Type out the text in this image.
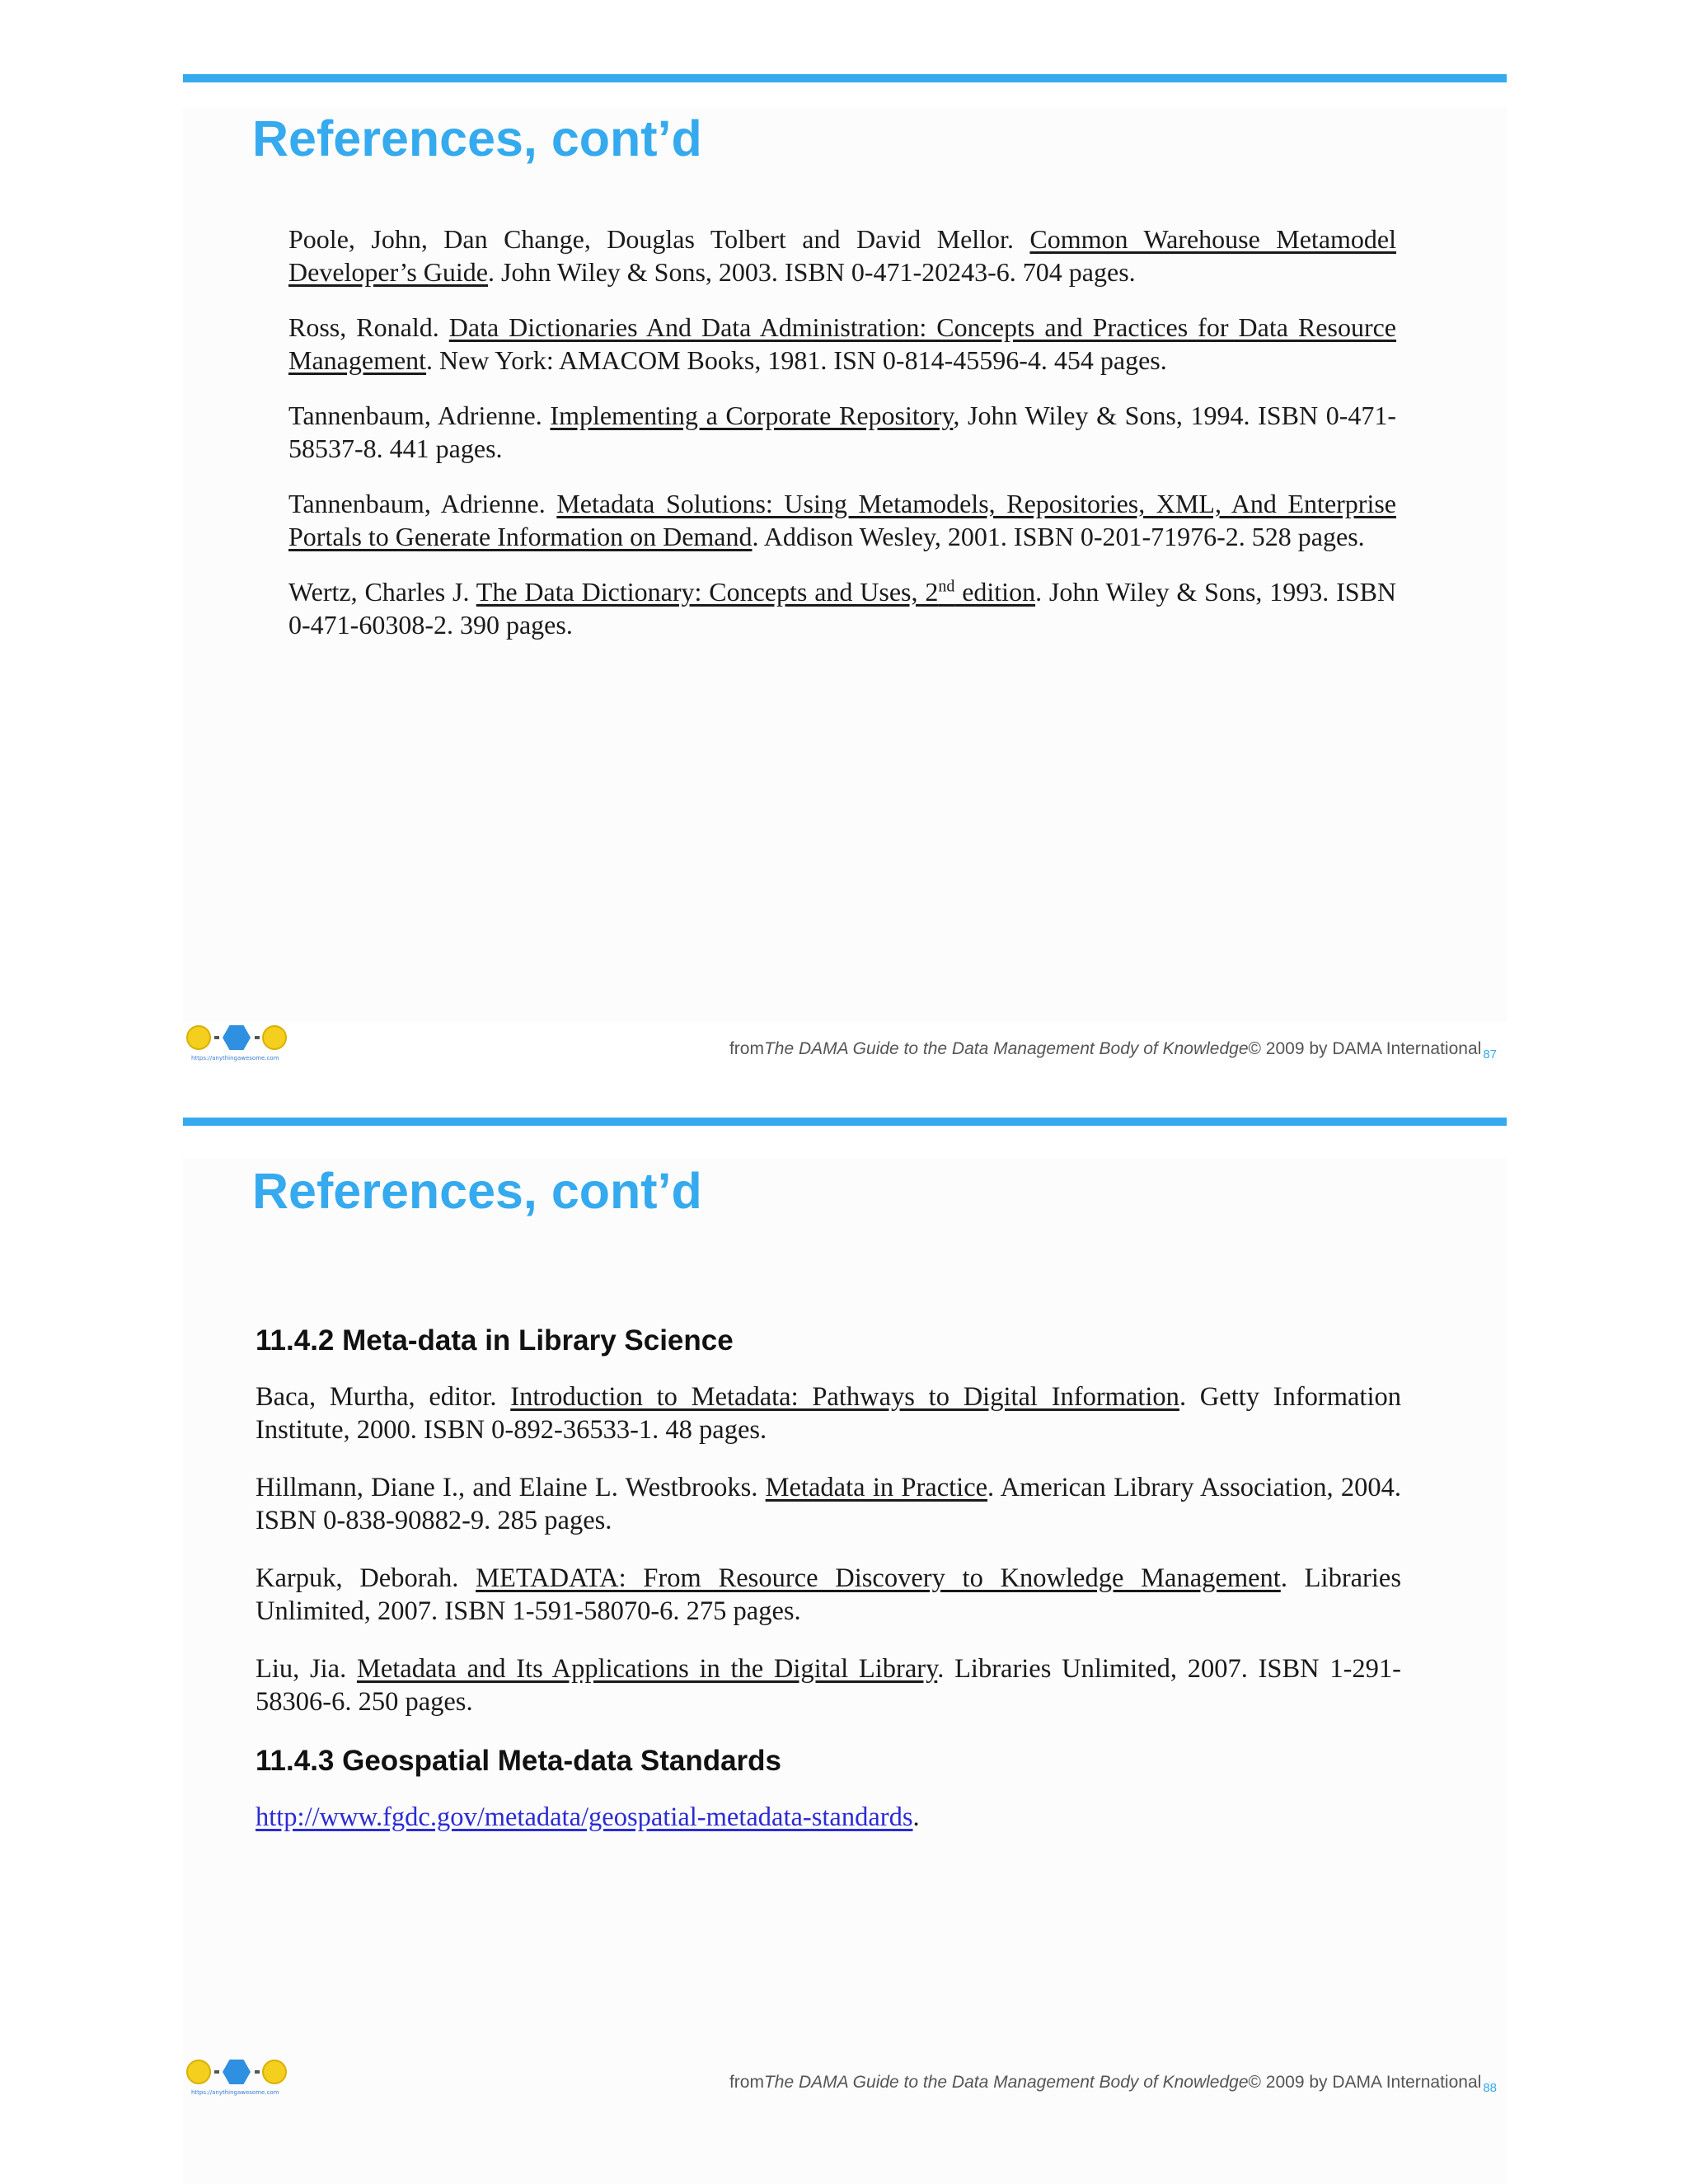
References, cont’d

Poole, John, Dan Change, Douglas Tolbert and David Mellor. Common Warehouse Metamodel Developer’s Guide. John Wiley & Sons, 2003. ISBN 0-471-20243-6. 704 pages.

Ross, Ronald. Data Dictionaries And Data Administration: Concepts and Practices for Data Resource Management. New York: AMACOM Books, 1981. ISN 0-814-45596-4. 454 pages.

Tannenbaum, Adrienne. Implementing a Corporate Repository, John Wiley & Sons, 1994. ISBN 0-471-58537-8. 441 pages.

Tannenbaum, Adrienne. Metadata Solutions: Using Metamodels, Repositories, XML, And Enterprise Portals to Generate Information on Demand. Addison Wesley, 2001. ISBN 0-201-71976-2. 528 pages.

Wertz, Charles J. The Data Dictionary: Concepts and Uses, 2nd edition. John Wiley & Sons, 1993. ISBN 0-471-60308-2. 390 pages.

https://anythingawesome.com	from The DAMA Guide to the Data Management Body of Knowledge © 2009 by DAMA International 87
References, cont’d
11.4.2 Meta-data in Library Science

Baca, Murtha, editor. Introduction to Metadata: Pathways to Digital Information. Getty Information Institute, 2000. ISBN 0-892-36533-1. 48 pages.

Hillmann, Diane I., and Elaine L. Westbrooks. Metadata in Practice. American Library Association, 2004. ISBN 0-838-90882-9. 285 pages.

Karpuk, Deborah. METADATA: From Resource Discovery to Knowledge Management. Libraries Unlimited, 2007. ISBN 1-591-58070-6. 275 pages.

Liu, Jia. Metadata and Its Applications in the Digital Library. Libraries Unlimited, 2007. ISBN 1-291-58306-6. 250 pages.

11.4.3 Geospatial Meta-data Standards

http://www.fgdc.gov/metadata/geospatial-metadata-standards.

https://anythingawesome.com
from The DAMA Guide to the Data Management Body of Knowledge © 2009 by DAMA International 88
